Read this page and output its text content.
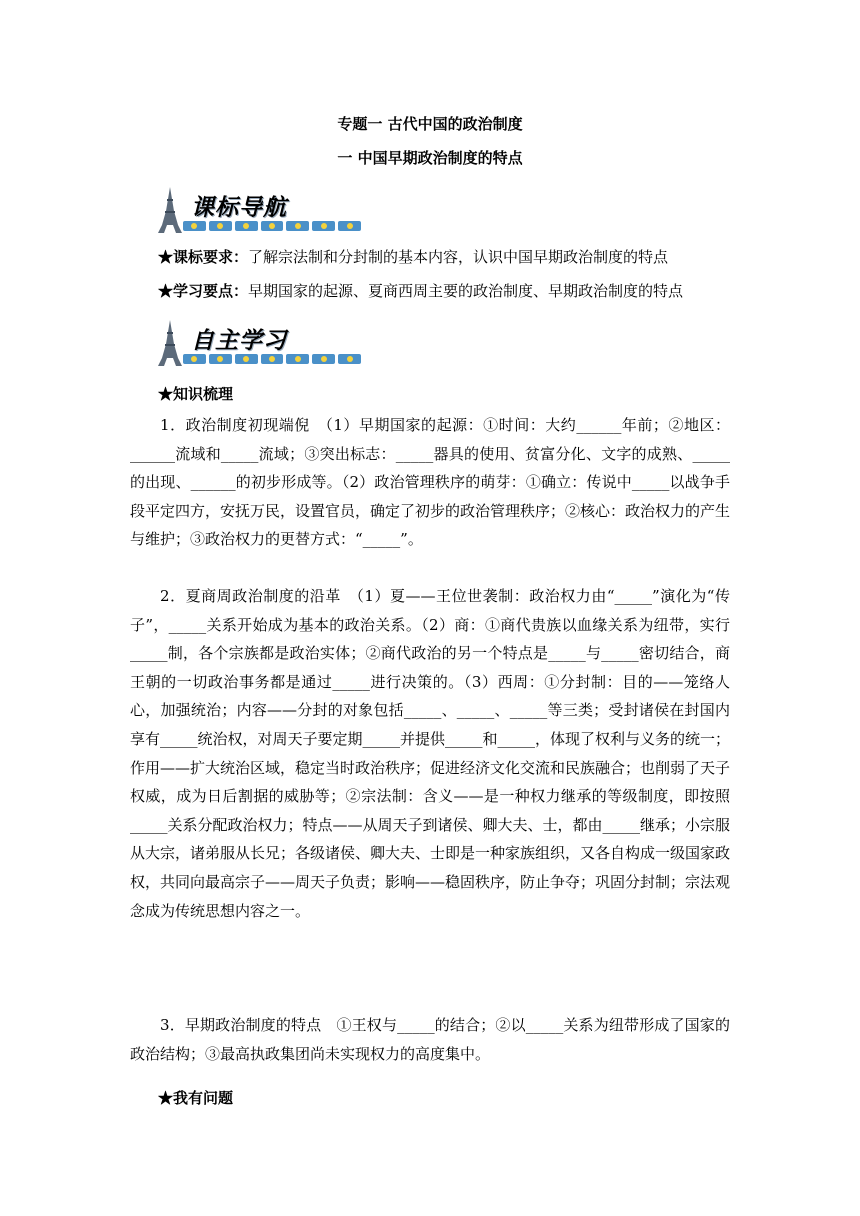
专题一 古代中国的政治制度
一 中国早期政治制度的特点
课标导航
★课标要求：了解宗法制和分封制的基本内容，认识中国早期政治制度的特点
★学习要点：早期国家的起源、夏商西周主要的政治制度、早期政治制度的特点
自主学习
★知识梳理

1．政治制度初现端倪　（1）早期国家的起源：①时间：大约______年前；②地区：______流域和_____流域；③突出标志：_____器具的使用、贫富分化、文字的成熟、_____的出现、______的初步形成等。（2）政治管理秩序的萌芽：①确立：传说中_____以战争手段平定四方，安抚万民，设置官员，确定了初步的政治管理秩序；②核心：政治权力的产生与维护；③政治权力的更替方式：“_____”。

2．夏商周政治制度的沿革　（1）夏——王位世袭制：政治权力由“_____”演化为“传子”，_____关系开始成为基本的政治关系。（2）商：①商代贵族以血缘关系为纽带，实行_____制，各个宗族都是政治实体；②商代政治的另一个特点是_____与_____密切结合，商王朝的一切政治事务都是通过_____进行决策的。（3）西周：①分封制：目的——笼络人心，加强统治；内容——分封的对象包括_____、_____、_____等三类；受封诸侯在封国内享有_____统治权，对周天子要定期_____并提供_____和_____，体现了权利与义务的统一；作用——扩大统治区域，稳定当时政治秩序；促进经济文化交流和民族融合；也削弱了天子权威，成为日后割据的威胁等；②宗法制：含义——是一种权力继承的等级制度，即按照_____关系分配政治权力；特点——从周天子到诸侯、卿大夫、士，都由_____继承；小宗服从大宗，诸弟服从长兄；各级诸侯、卿大夫、士即是一种家族组织，又各自构成一级国家政权，共同向最高宗子——周天子负责；影响——稳固秩序，防止争夺；巩固分封制；宗法观念成为传统思想内容之一。

3．早期政治制度的特点　①王权与_____的结合；②以_____关系为纽带形成了国家的政治结构；③最高执政集团尚未实现权力的高度集中。

★我有问题
